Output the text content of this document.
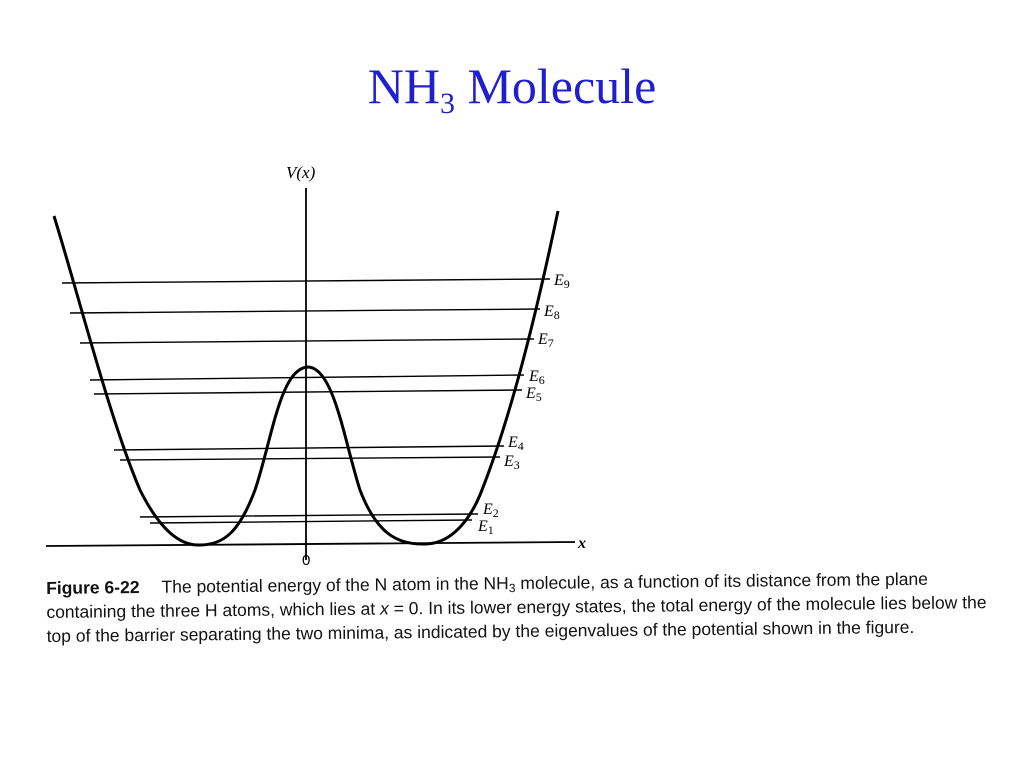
$NH_3$ Molecule
V(x)
x
0
E9
E8
E7
E6
E5
E4
E3
E2
E1
Figure 6-22 The potential energy of the N atom in the $NH_3$ molecule, as a function of its distance from the plane containing the three H atoms, which lies at x = 0. In its lower energy states, the total energy of the molecule lies below the top of the barrier separating the two minima, as indicated by the eigenvalues of the potential shown in the figure.
